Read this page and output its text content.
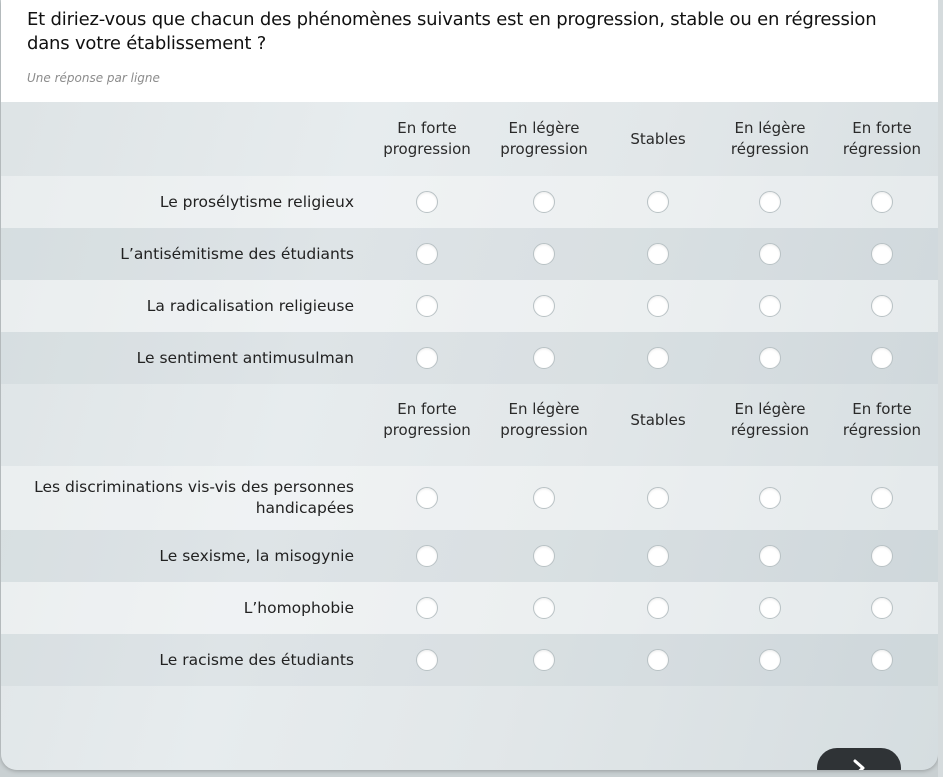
Et diriez-vous que chacun des phénomènes suivants est en progression, stable ou en régression dans votre établissement ?
Une réponse par ligne
En forte progression
En légère progression
Stables
En légère régression
En forte régression
Le prosélytisme religieux
L’antisémitisme des étudiants
La radicalisation religieuse
Le sentiment antimusulman
En forte progression
En légère progression
Stables
En légère régression
En forte régression
Les discriminations vis-vis des personnes handicapées
Le sexisme, la misogynie
L’homophobie
Le racisme des étudiants
